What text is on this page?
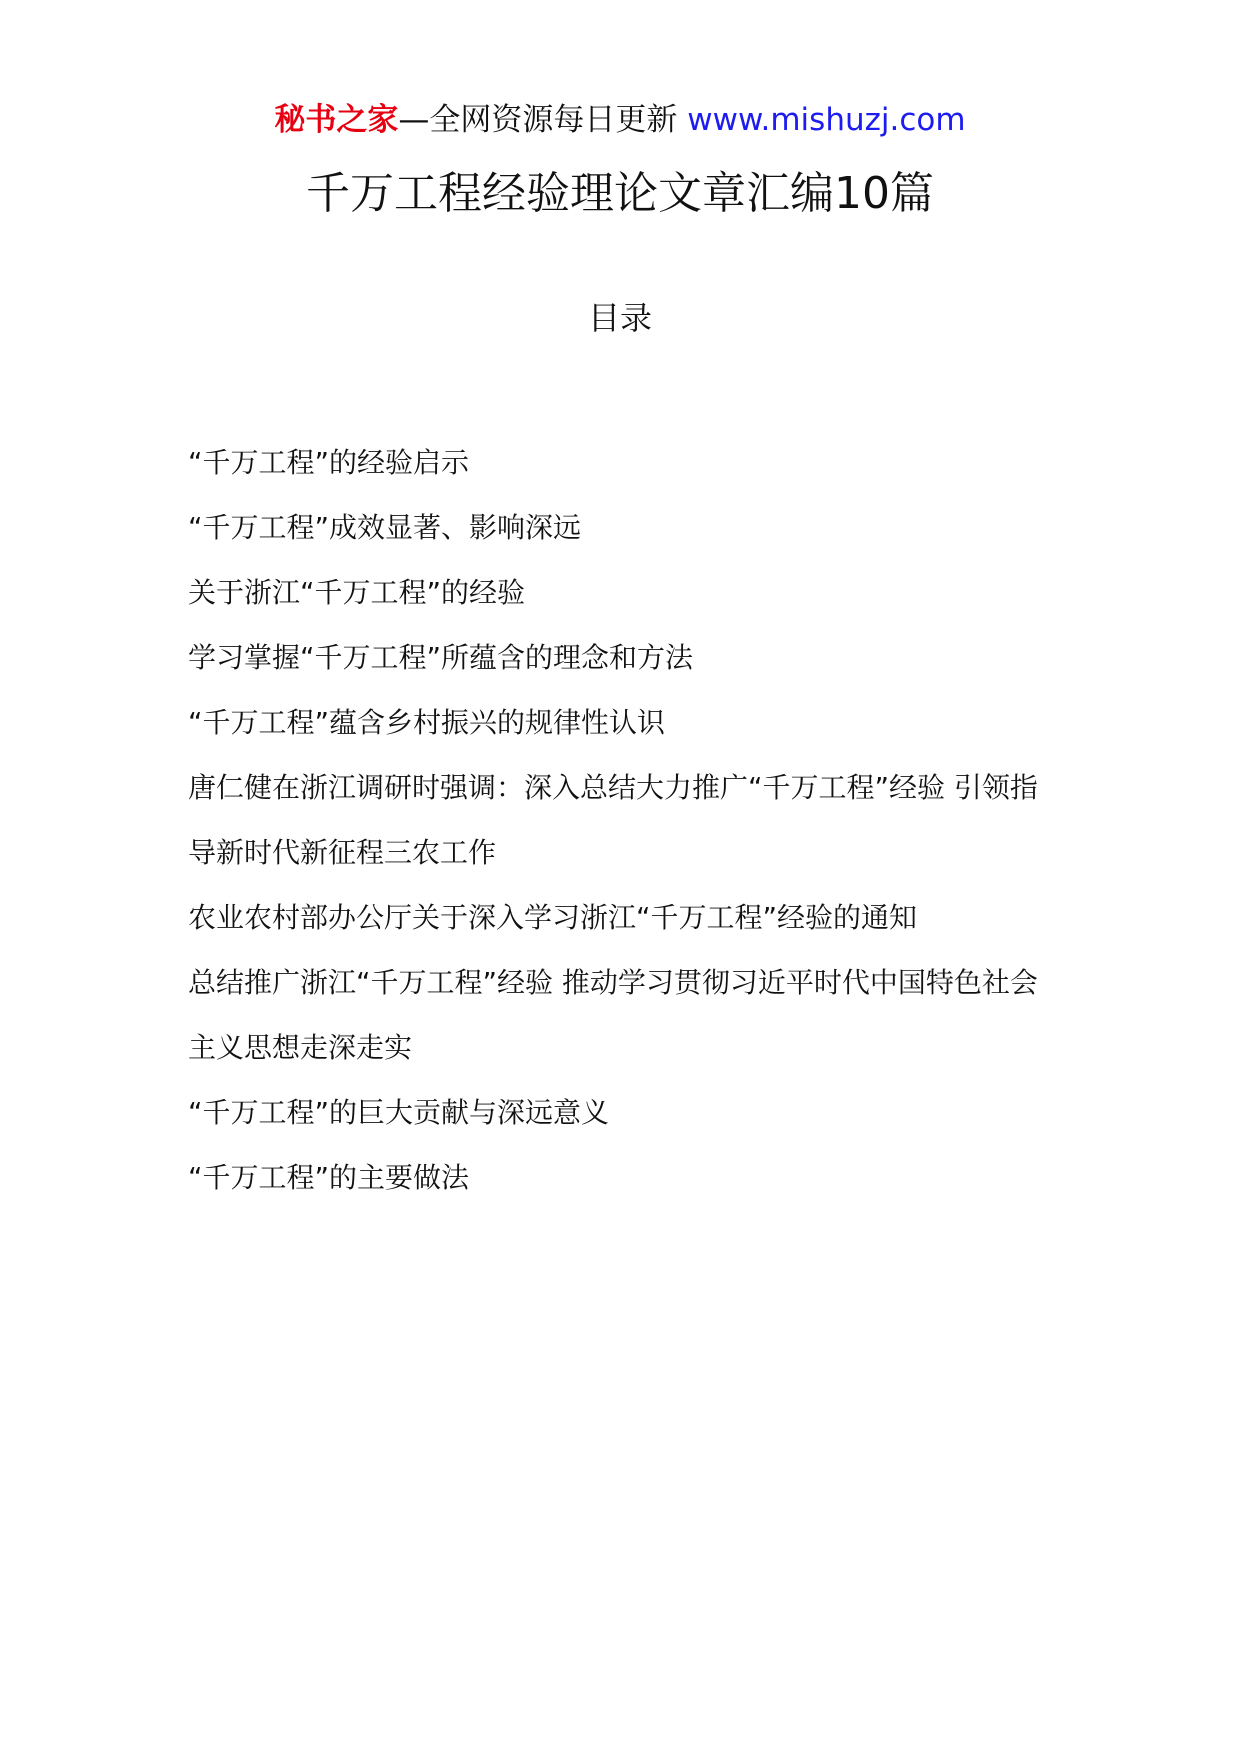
秘书之家—全网资源每日更新 www.mishuzj.com
千万工程经验理论文章汇编10篇
目录
“千万工程”的经验启示
“千万工程”成效显著、影响深远
关于浙江“千万工程”的经验
学习掌握“千万工程”所蕴含的理念和方法
“千万工程”蕴含乡村振兴的规律性认识
唐仁健在浙江调研时强调：深入总结大力推广“千万工程”经验 引领指导新时代新征程三农工作
农业农村部办公厅关于深入学习浙江“千万工程”经验的通知
总结推广浙江“千万工程”经验 推动学习贯彻习近平时代中国特色社会主义思想走深走实
“千万工程”的巨大贡献与深远意义
“千万工程”的主要做法
